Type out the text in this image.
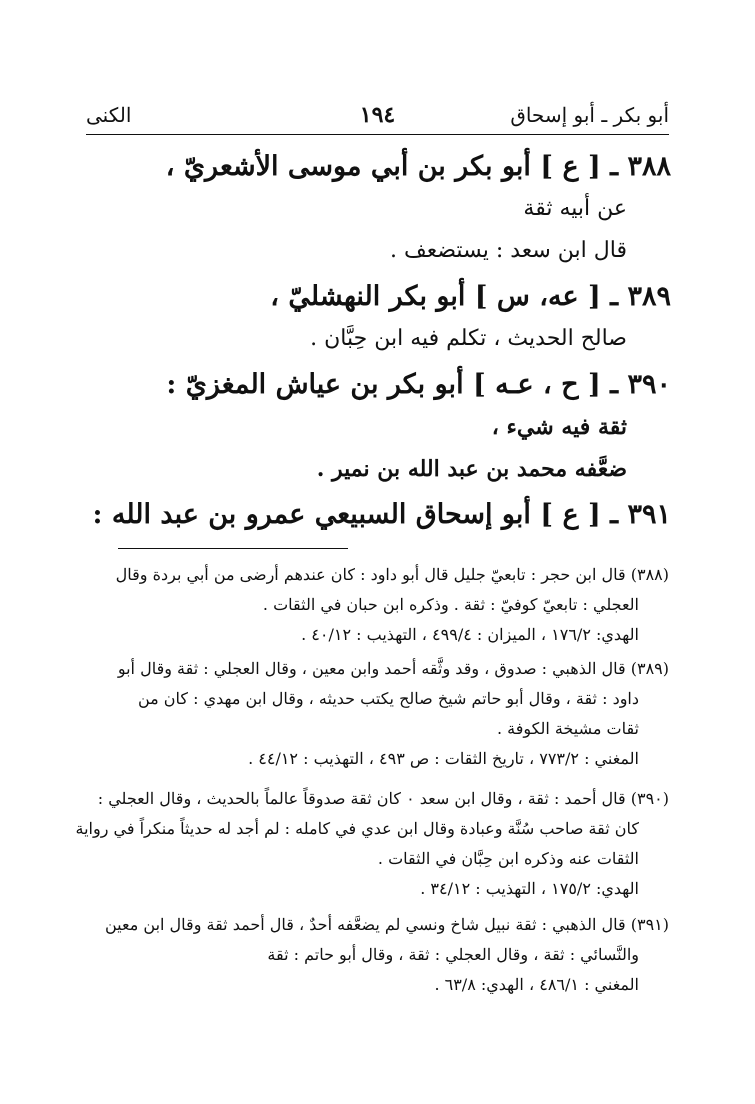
أبو بكر ـ أبو إسحاق
١٩٤
الكنى
٣٨٨ ـ [ ع ] أبو بكر بن أبي موسى الأشعريّ ،
عن أبيه ثقة
قال ابن سعد : يستضعف .
٣٨٩ ـ [ عه، س ] أبو بكر النهشليّ ،
صالح الحديث ، تكلم فيه ابن حِبَّان .
٣٩٠ ـ [ ح ، عـه ] أبو بكر بن عياش المغزيّ :
ثقة فيه شيء ،
ضعَّفه محمد بن عبد الله بن نمير .
٣٩١ ـ [ ع ] أبو إسحاق السبيعي عمرو بن عبد الله :
(٣٨٨) قال ابن حجر : تابعيّ جليل قال أبو داود : كان عندهم أرضى من أبي بردة وقال
العجلي : تابعيّ كوفيّ : ثقة . وذكره ابن حبان في الثقات .
الهدي: ١٧٦/٢ ، الميزان : ٤٩٩/٤ ، التهذيب : ٤٠/١٢ .
(٣٨٩) قال الذهبي : صدوق ، وقد وثَّقه أحمد وابن معين ، وقال العجلي : ثقة وقال أبو
داود : ثقة ، وقال أبو حاتم شيخ صالح يكتب حديثه ، وقال ابن مهدي : كان من
ثقات مشيخة الكوفة .
المغني : ٧٧٣/٢ ، تاريخ الثقات : ص ٤٩٣ ، التهذيب : ٤٤/١٢ .
(٣٩٠) قال أحمد : ثقة ، وقال ابن سعد ٠ كان ثقة صدوقاً عالماً بالحديث ، وقال العجلي :
كان ثقة صاحب سُنَّة وعبادة وقال ابن عدي في كامله : لم أجد له حديثاً منكراً في رواية
الثقات عنه وذكره ابن حِبَّان في الثقات .
الهدي: ١٧٥/٢ ، التهذيب : ٣٤/١٢ .
(٣٩١) قال الذهبي : ثقة نبيل شاخ ونسي لم يضعَّفه أحدٌ ، قال أحمد ثقة وقال ابن معين
والنَّسائي : ثقة ، وقال العجلي : ثقة ، وقال أبو حاتم : ثقة
المغني : ٤٨٦/١ ، الهدي: ٦٣/٨ .
